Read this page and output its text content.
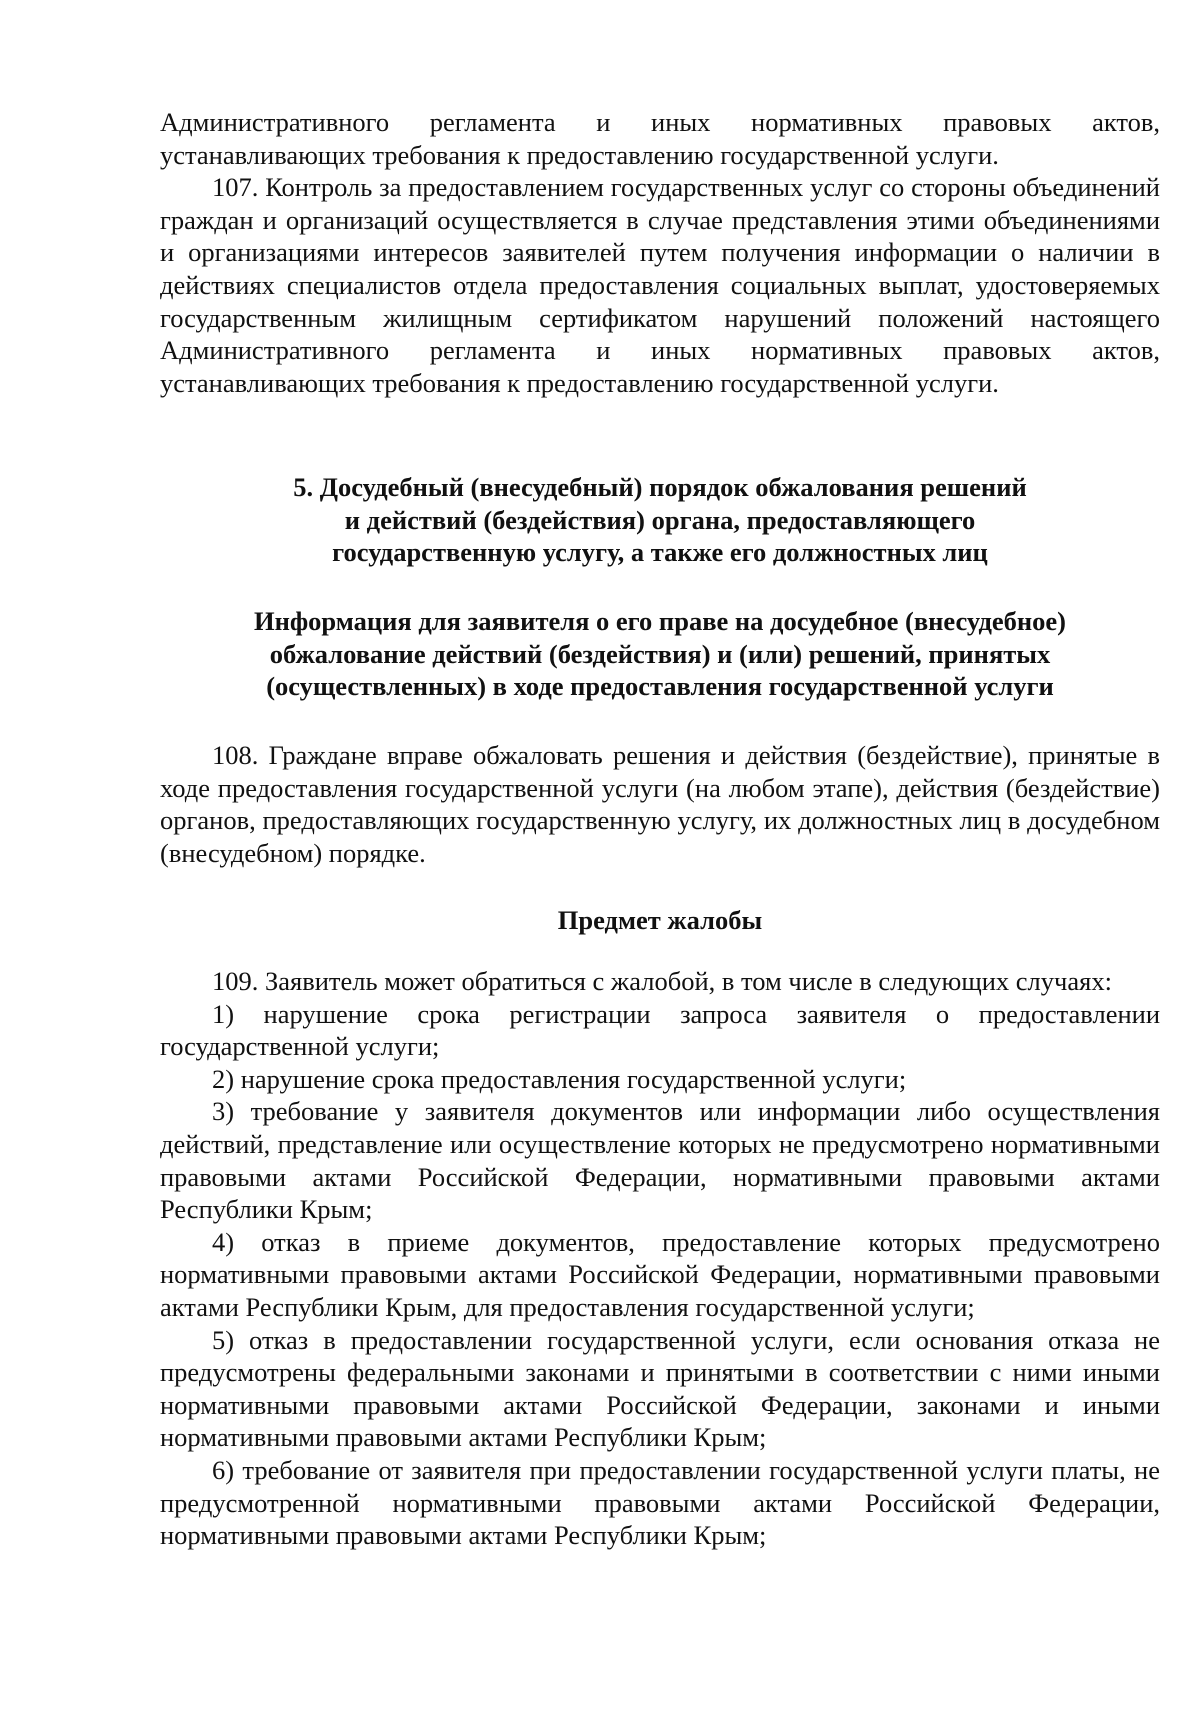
Административного регламента и иных нормативных правовых актов, устанавливающих требования к предоставлению государственной услуги.

107. Контроль за предоставлением государственных услуг со стороны объединений граждан и организаций осуществляется в случае представления этими объединениями и организациями интересов заявителей путем получения информации о наличии в действиях специалистов отдела предоставления социальных выплат, удостоверяемых государственным жилищным сертификатом нарушений положений настоящего Административного регламента и иных нормативных правовых актов, устанавливающих требования к предоставлению государственной услуги.

5. Досудебный (внесудебный) порядок обжалования решений
и действий (бездействия) органа, предоставляющего
государственную услугу, а также его должностных лиц
Информация для заявителя о его праве на досудебное (внесудебное)
обжалование действий (бездействия) и (или) решений, принятых
(осуществленных) в ходе предоставления государственной услуги

108. Граждане вправе обжаловать решения и действия (бездействие), принятые в ходе предоставления государственной услуги (на любом этапе), действия (бездействие) органов, предоставляющих государственную услугу, их должностных лиц в досудебном (внесудебном) порядке.

Предмет жалобы

109. Заявитель может обратиться с жалобой, в том числе в следующих случаях:

1) нарушение срока регистрации запроса заявителя о предоставлении государственной услуги;

2) нарушение срока предоставления государственной услуги;

3) требование у заявителя документов или информации либо осуществления действий, представление или осуществление которых не предусмотрено нормативными правовыми актами Российской Федерации, нормативными правовыми актами Республики Крым;

4) отказ в приеме документов, предоставление которых предусмотрено нормативными правовыми актами Российской Федерации, нормативными правовыми актами Республики Крым, для предоставления государственной услуги;

5) отказ в предоставлении государственной услуги, если основания отказа не предусмотрены федеральными законами и принятыми в соответствии с ними иными нормативными правовыми актами Российской Федерации, законами и иными нормативными правовыми актами Республики Крым;

6) требование от заявителя при предоставлении государственной услуги платы, не предусмотренной нормативными правовыми актами Российской Федерации, нормативными правовыми актами Республики Крым;
